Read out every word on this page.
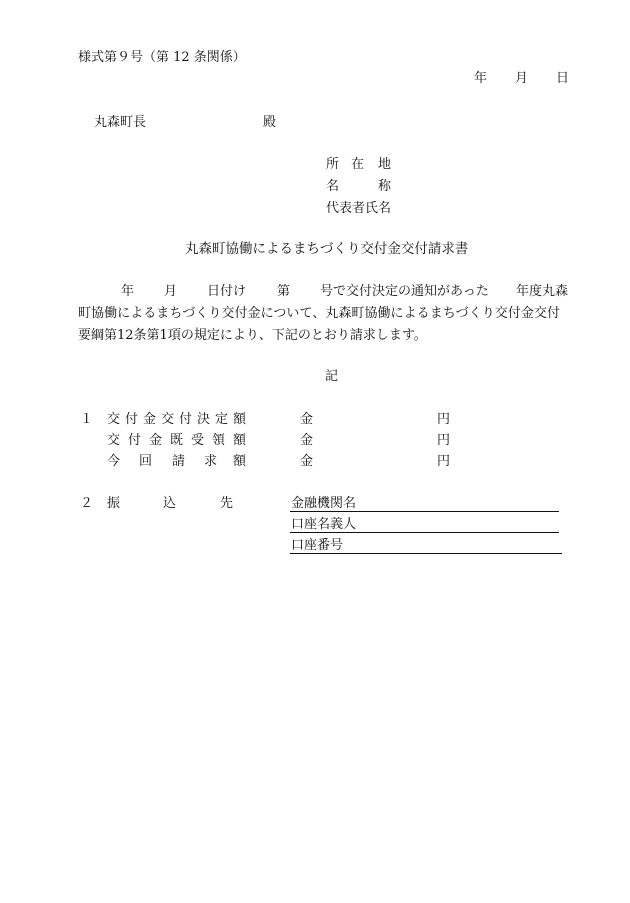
様式第９号（第 12 条関係）
年 月 日
丸森町長	殿
所 在 地
名	称
代表者氏名
丸森町協働によるまちづくり交付金交付請求書
年 月 日付け 第 号で交付決定の通知があった 年度丸森
町協働によるまちづくり交付金について、丸森町協働によるまちづくり交付金交付
要綱第12条第1項の規定により、下記のとおり請求します。
記
１ 交 付 金 交 付 決 定 額	金	円
交 付 金 既 受 領 額	金	円
今 回 請 求 額	金	円
２ 振	込	先	金融機関名
口座名義人
口座番号
